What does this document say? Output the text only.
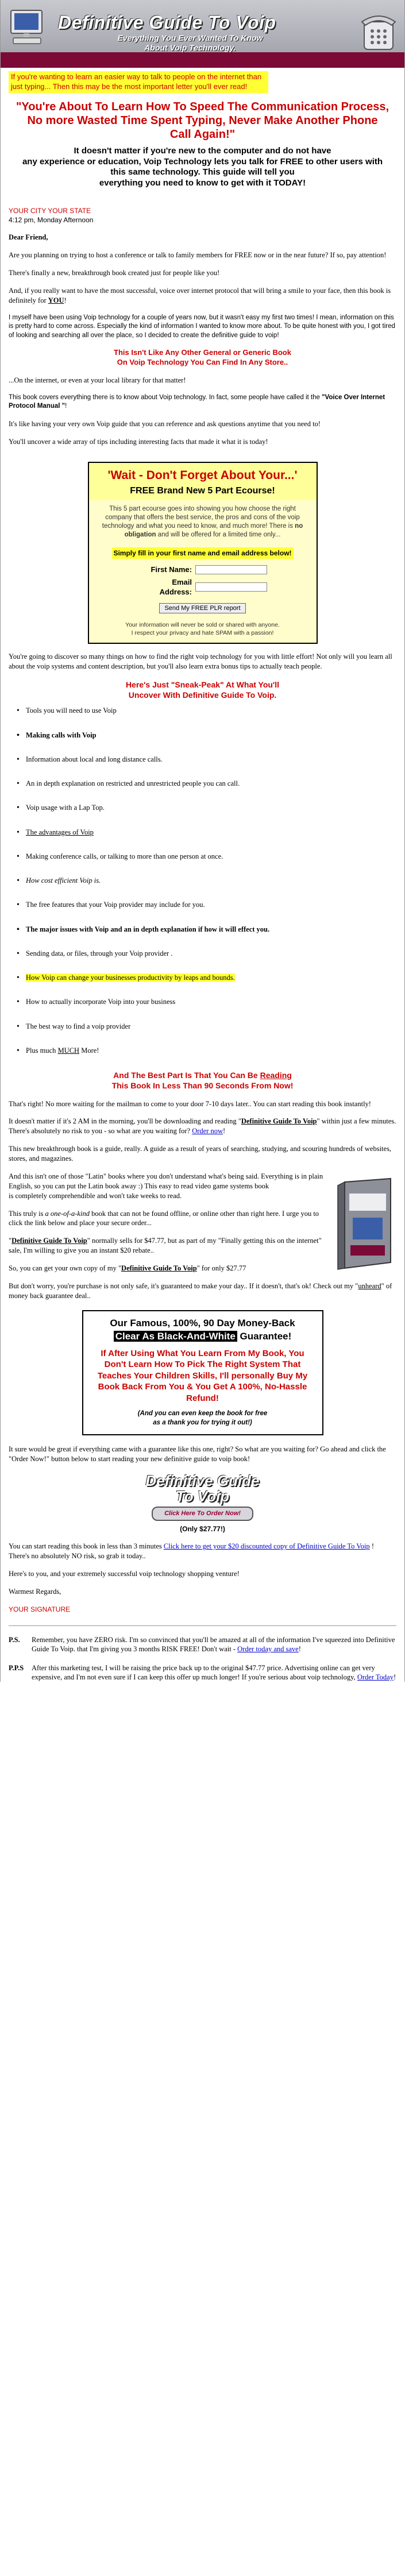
Definitive Guide To Voip
Everything You Ever Wanted To Know About Voip Technology.
If you're wanting to learn an easier way to talk to people on the internet than just typing... Then this may be the most important letter you'll ever read!
"You're About To Learn How To Speed The Communication Process, No more Wasted Time Spent Typing, Never Make Another Phone Call Again!"
It doesn't matter if you're new to the computer and do not have
any experience or education, Voip Technology lets you talk for FREE to other users with this same technology. This guide will tell you
everything you need to know to get with it TODAY!
YOUR CITY YOUR STATE
4:12 pm, Monday Afternoon

Dear Friend,

Are you planning on trying to host a conference or talk to family members for FREE now or in the near future? If so, pay attention!

There's finally a new, breakthrough book created just for people like you!

And, if you really want to have the most successful, voice over internet protocol that will bring a smile to your face, then this book is definitely for YOU!

I myself have been using Voip technology for a couple of years now, but it wasn't easy my first two times! I mean, information on this is pretty hard to come across. Especially the kind of information I wanted to know more about. To be quite honest with you, I got tired of looking and searching all over the place, so I decided to create the definitive guide to voip!

This Isn't Like Any Other General or Generic Book
On Voip Technology You Can Find In Any Store..

...On the internet, or even at your local library for that matter!

This book covers everything there is to know about Voip technology. In fact, some people have called it the "Voice Over Internet Protocol Manual "!

It's like having your very own Voip guide that you can reference and ask questions anytime that you need to!

You'll uncover a wide array of tips including interesting facts that made it what it is today!

'Wait - Don't Forget About Your...'
FREE Brand New 5 Part Ecourse!
This 5 part ecourse goes into showing you how choose the right company that offers the best service, the pros and cons of the voip technology and what you need to know, and much more! There is no obligation and will be offered for a limited time only...
Simply fill in your first name and email address below!
First Name:
Email Address:
Send My FREE PLR report
Your information will never be sold or shared with anyone.
I respect your privacy and hate SPAM with a passion!

You're going to discover so many things on how to find the right voip technology for you with little effort! Not only will you learn all about the voip systems and content description, but you'll also learn extra bonus tips to actually teach people.

Here's Just "Sneak-Peak" At What You'll
Uncover With Definitive Guide To Voip.
• Tools you will need to use Voip
• Making calls with Voip
• Information about local and long distance calls.
• An in depth explanation on restricted and unrestricted people you can call.
• Voip usage with a Lap Top.
• The advantages of Voip
• Making conference calls, or talking to more than one person at once.
• How cost efficient Voip is.
• The free features that your Voip provider may include for you.
• The major issues with Voip and an in depth explanation if how it will effect you.
• Sending data, or files, through your Voip provider .
• How Voip can change your businesses productivity by leaps and bounds.
• How to actually incorporate Voip into your business
• The best way to find a voip provider
• Plus much MUCH More!
And The Best Part Is That You Can Be Reading
This Book In Less Than 90 Seconds From Now!

That's right! No more waiting for the mailman to come to your door 7-10 days later.. You can start reading this book instantly!

It doesn't matter if it's 2 AM in the morning, you'll be downloading and reading "Definitive Guide To Voip" within just a few minutes. There's absolutely no risk to you - so what are you waiting for? Order now!

This new breakthrough book is a guide, really. A guide as a result of years of searching, studying, and scouring hundreds of websites, stores, and magazines.

And this isn't one of those "Latin" books where you don't understand what's being said. Everything is in plain English, so you can put the Latin book away :) This easy to read video game systems book
is completely comprehendible and won't take weeks to read.

This truly is a one-of-a-kind book that can not be found offline, or online other than right here. I urge you to click the link below and place your secure order...

"Definitive Guide To Voip" normally sells for $47.77, but as part of my "Finally getting this on the internet" sale, I'm willing to give you an instant $20 rebate..

So, you can get your own copy of my "Definitive Guide To Voip" for only $27.77

But don't worry, you're purchase is not only safe, it's guaranteed to make your day.. If it doesn't, that's ok! Check out my "unheard" of money back guarantee deal..

Our Famous, 100%, 90 Day Money-Back
Clear As Black-And-White Guarantee!
If After Using What You Learn From My Book, You Don't Learn How To Pick The Right System That Teaches Your Children Skills, I'll personally Buy My Book Back From You & You Get A 100%, No-Hassle Refund!
(And you can even keep the book for free
as a thank you for trying it out!)

It sure would be great if everything came with a guarantee like this one, right? So what are you waiting for? Go ahead and click the "Order Now!" button below to start reading your new definitive guide to voip book!

Definitive Guide
To Voip
Click Here To Order Now!
(Only $27.77!)

You can start reading this book in less than 3 minutes Click here to get your $20 discounted copy of Definitive Guide To Voip ! There's no absolutely NO risk, so grab it today..

Here's to you, and your extremely successful voip technology shopping venture!

Warmest Regards,

YOUR SIGNATURE
P.S.	Remember, you have ZERO risk. I'm so convinced that you'll be amazed at all of the information I've squeezed into Definitive Guide To Voip. that I'm giving you 3 months RISK FREE! Don't wait - Order today and save!
P.P.S	After this marketing test, I will be raising the price back up to the original $47.77 price. Advertising online can get very expensive, and I'm not even sure if I can keep this offer up much longer! If you're serious about voip technology, Order Today!
